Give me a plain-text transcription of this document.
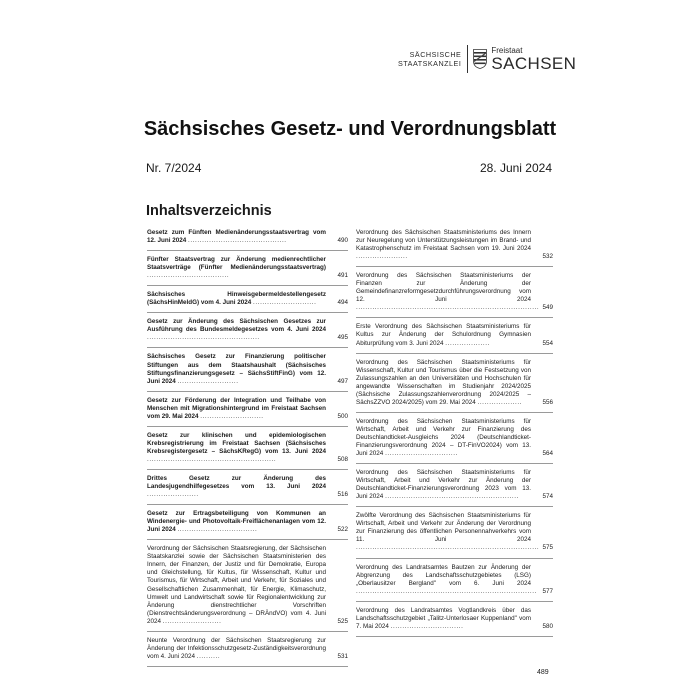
SÄCHSISCHE
STAATSKANZLEI
Freistaat
SACHSEN
Sächsisches Gesetz- und Verordnungsblatt
Nr. 7/2024	28. Juni 2024
Inhaltsverzeichnis
Gesetz zum Fünften Medienänderungsstaatsvertrag vom 12. Juni 2024 ..........................................	490
Fünfter Staatsvertrag zur Änderung medienrechtlicher Staatsverträge (Fünfter Medienänderungsstaatsvertrag) ...................................	491
Sächsisches Hinweisgebermeldestellengesetz (SächsHinMeldG) vom 4. Juni 2024 ...........................	494
Gesetz zur Änderung des Sächsischen Gesetzes zur Ausführung des Bundesmeldegesetzes vom 4. Juni 2024 ................................................	495
Sächsisches Gesetz zur Finanzierung politischer Stiftungen aus dem Staatshaushalt (Sächsisches Stiftungsfinanzierungsgesetz – SächsStiftFinG) vom 12. Juni 2024 ..........................	497
Gesetz zur Förderung der Integration und Teilhabe von Menschen mit Migrationshintergrund im Freistaat Sachsen vom 29. Mai 2024 ...........................	500
Gesetz zur klinischen und epidemiologischen Krebsregistrierung im Freistaat Sachsen (Sächsisches Krebsregistergesetz – SächsKRegG) vom 13. Juni 2024 .......................................................	508
Drittes Gesetz zur Änderung des Landesjugendhilfegesetzes vom 13. Juni 2024 ......................	516
Gesetz zur Ertragsbeteiligung von Kommunen an Windenergie- und Photovoltaik-Freiflächenanlagen vom 12. Juni 2024 ..................................	522
Verordnung der Sächsischen Staatsregierung, der Sächsischen Staatskanzlei sowie der Sächsischen Staatsministerien des Innern, der Finanzen, der Justiz und für Demokratie, Europa und Gleichstellung, für Kultus, für Wissenschaft, Kultur und Tourismus, für Wirtschaft, Arbeit und Verkehr, für Soziales und Gesellschaftlichen Zusammenhalt, für Energie, Klimaschutz, Umwelt und Landwirtschaft sowie für Regionalentwicklung zur Änderung dienstrechtlicher Vorschriften (Dienstrechtsänderungsverordnung – DRÄndVO) vom 4. Juni 2024 .........................	525
Neunte Verordnung der Sächsischen Staatsregierung zur Änderung der Infektionsschutzgesetz-Zuständigkeitsverordnung vom 4. Juni 2024 ..........	531
Verordnung des Sächsischen Staatsministeriums des Innern zur Neuregelung von Unterstützungsleistungen im Brand- und Katastrophenschutz im Freistaat Sachsen vom 19. Juni 2024 ......................	532
Verordnung des Sächsischen Staatsministeriums der Finanzen zur Änderung der Gemeindefinanzreformgesetzdurchführungsverordnung vom 12. Juni 2024 .............................................................................. 549
Erste Verordnung des Sächsischen Staatsministeriums für Kultus zur Änderung der Schulordnung Gymnasien Abiturprüfung vom 3. Juni 2024 ...................	554
Verordnung des Sächsischen Staatsministeriums für Wissenschaft, Kultur und Tourismus über die Festsetzung von Zulassungszahlen an den Universitäten und Hochschulen für angewandte Wissenschaften im Studienjahr 2024/2025 (Sächsische Zulassungszahlenverordnung 2024/2025 – SächsZZVO 2024/2025) vom 29. Mai 2024 ...................	556
Verordnung des Sächsischen Staatsministeriums für Wirtschaft, Arbeit und Verkehr zur Finanzierung des Deutschlandticket-Ausgleichs 2024 (Deutschlandticket-Finanzierungsverordnung 2024 – DT-FinVO2024) vom 13. Juni 2024 ...............................	564
Verordnung des Sächsischen Staatsministeriums für Wirtschaft, Arbeit und Verkehr zur Änderung der Deutschlandticket-Finanzierungsverordnung 2023 vom 13. Juni 2024 .........................................................	574
Zwölfte Verordnung des Sächsischen Staatsministeriums für Wirtschaft, Arbeit und Verkehr zur Änderung der Verordnung zur Finanzierung des öffentlichen Personennahverkehrs vom 11. Juni 2024 .............................................................................. 575
Verordnung des Landratsamtes Bautzen zur Änderung der Abgrenzung des Landschaftsschutzgebietes (LSG) „Oberlausitzer Bergland" vom 6. Juni 2024 ............................................................................. 577
Verordnung des Landratsamtes Vogtlandkreis über das Landschaftsschutzgebiet „Talitz-Unterlosaer Kuppenland" vom 7. Mai 2024 ...............................	580
489
